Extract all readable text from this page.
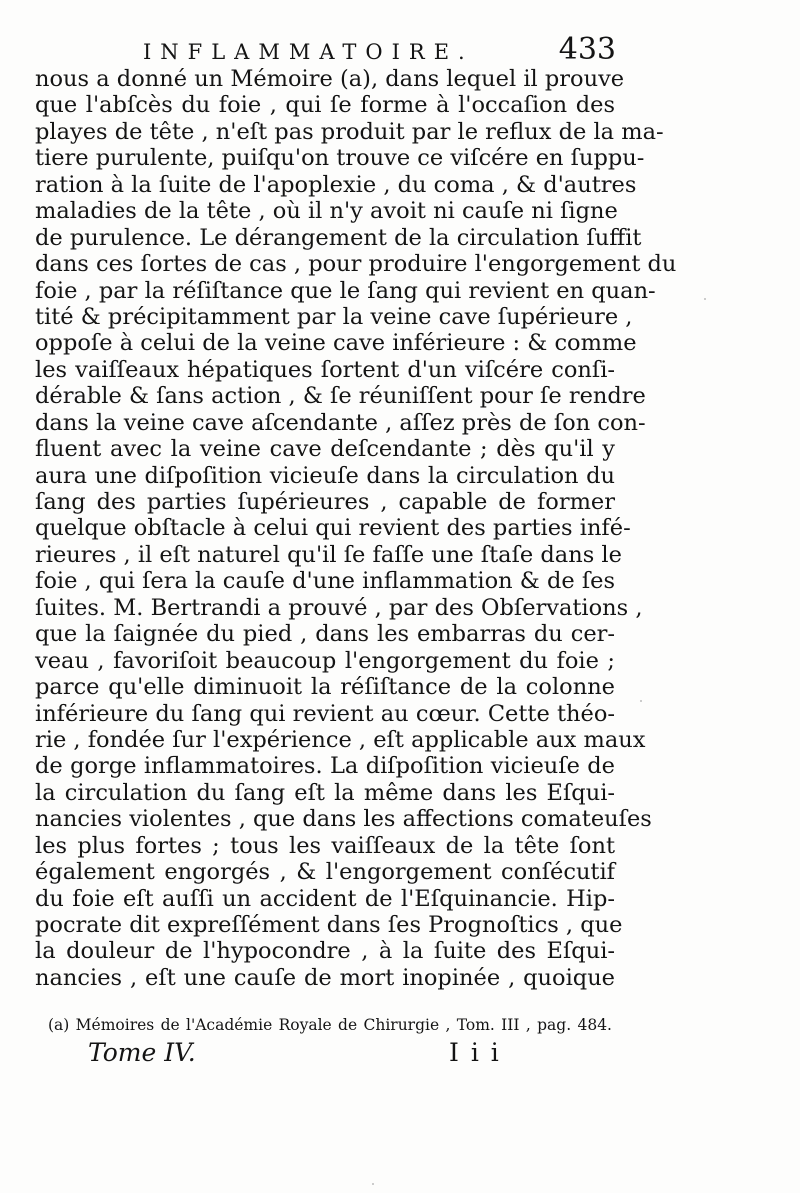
INFLAMMATOIRE.	433
nous a donné un Mémoire (a), dans lequel il prouve
que l'abſcès du foie , qui ſe forme à l'occaſion des
playes de tête , n'eſt pas produit par le reflux de la ma-
tiere purulente, puiſqu'on trouve ce viſcére en ſuppu-
ration à la ſuite de l'apoplexie , du coma , & d'autres
maladies de la tête , où il n'y avoit ni cauſe ni ſigne
de purulence. Le dérangement de la circulation ſuffit
dans ces ſortes de cas , pour produire l'engorgement du
foie , par la réſiſtance que le ſang qui revient en quan-
tité & précipitamment par la veine cave ſupérieure ,
oppoſe à celui de la veine cave inférieure : & comme
les vaiſſeaux hépatiques ſortent d'un viſcére conſi-
dérable & ſans action , & ſe réuniſſent pour ſe rendre
dans la veine cave aſcendante , aſſez près de ſon con-
fluent avec la veine cave deſcendante ; dès qu'il y
aura une diſpoſition vicieuſe dans la circulation du
ſang des parties ſupérieures , capable de former
quelque obſtacle à celui qui revient des parties infé-
rieures , il eſt naturel qu'il ſe faſſe une ſtaſe dans le
foie , qui ſera la cauſe d'une inflammation & de ſes
ſuites. M. Bertrandi a prouvé , par des Obſervations ,
que la ſaignée du pied , dans les embarras du cer-
veau , favoriſoit beaucoup l'engorgement du foie ;
parce qu'elle diminuoit la réſiſtance de la colonne
inférieure du ſang qui revient au cœur. Cette théo-
rie , fondée ſur l'expérience , eſt applicable aux maux
de gorge inflammatoires. La diſpoſition vicieuſe de
la circulation du ſang eſt la même dans les Eſqui-
nancies violentes , que dans les affections comateuſes
les plus fortes ; tous les vaiſſeaux de la tête ſont
également engorgés , & l'engorgement conſécutif
du foie eſt auſſi un accident de l'Eſquinancie. Hip-
pocrate dit expreſſément dans ſes Prognoſtics , que
la douleur de l'hypocondre , à la ſuite des Eſqui-
nancies , eſt une cauſe de mort inopinée , quoique
(a) Mémoires de l'Académie Royale de Chirurgie , Tom. III , pag. 484.
Tome IV.	I i i
